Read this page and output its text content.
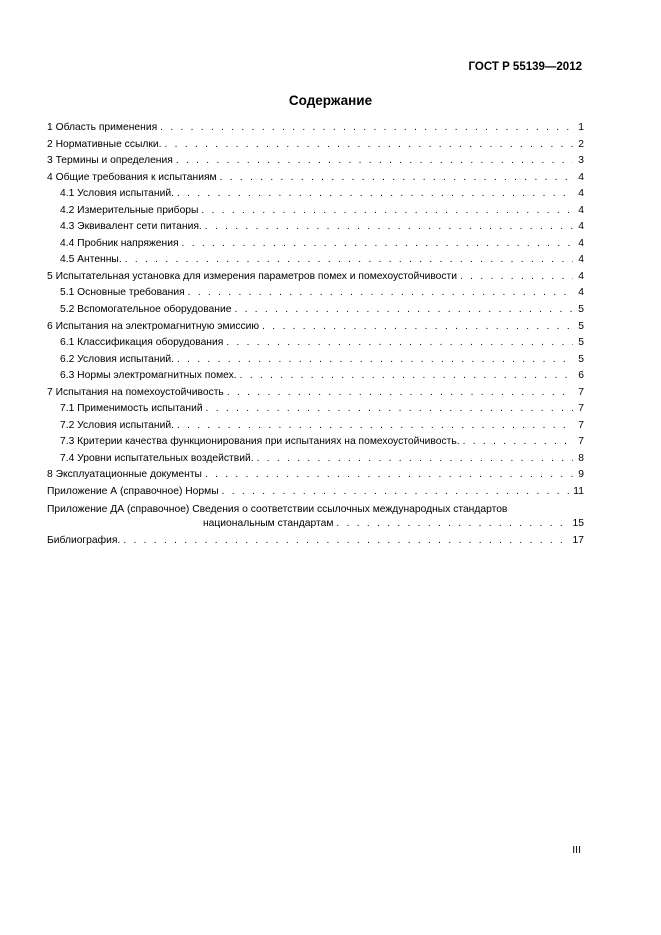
ГОСТ Р 55139—2012
Содержание
1 Область применения . . .	1
2 Нормативные ссылки. . . .	2
3 Термины и определения . . .	3
4 Общие требования к испытаниям . . .	4
4.1 Условия испытаний. . . .	4
4.2 Измерительные приборы . . .	4
4.3 Эквивалент сети питания. . . .	4
4.4 Пробник напряжения . . .	4
4.5 Антенны. . . .	4
5 Испытательная установка для измерения параметров помех и помехоустойчивости . . .	4
5.1 Основные требования . . .	4
5.2 Вспомогательное оборудование . . .	5
6 Испытания на электромагнитную эмиссию . . .	5
6.1 Классификация оборудования . . .	5
6.2 Условия испытаний. . . .	5
6.3 Нормы электромагнитных помех. . . .	6
7 Испытания на помехоустойчивость . . .	7
7.1 Применимость испытаний . . .	7
7.2 Условия испытаний. . . .	7
7.3 Критерии качества функционирования при испытаниях на помехоустойчивость. . . .	7
7.4 Уровни испытательных воздействий. . . .	8
8 Эксплуатационные документы . . .	9
Приложение А (справочное) Нормы . . .	11
Приложение ДА (справочное) Сведения о соответствии ссылочных международных стандартов
национальным стандартам . . .	15
Библиография. . . .	17
III
